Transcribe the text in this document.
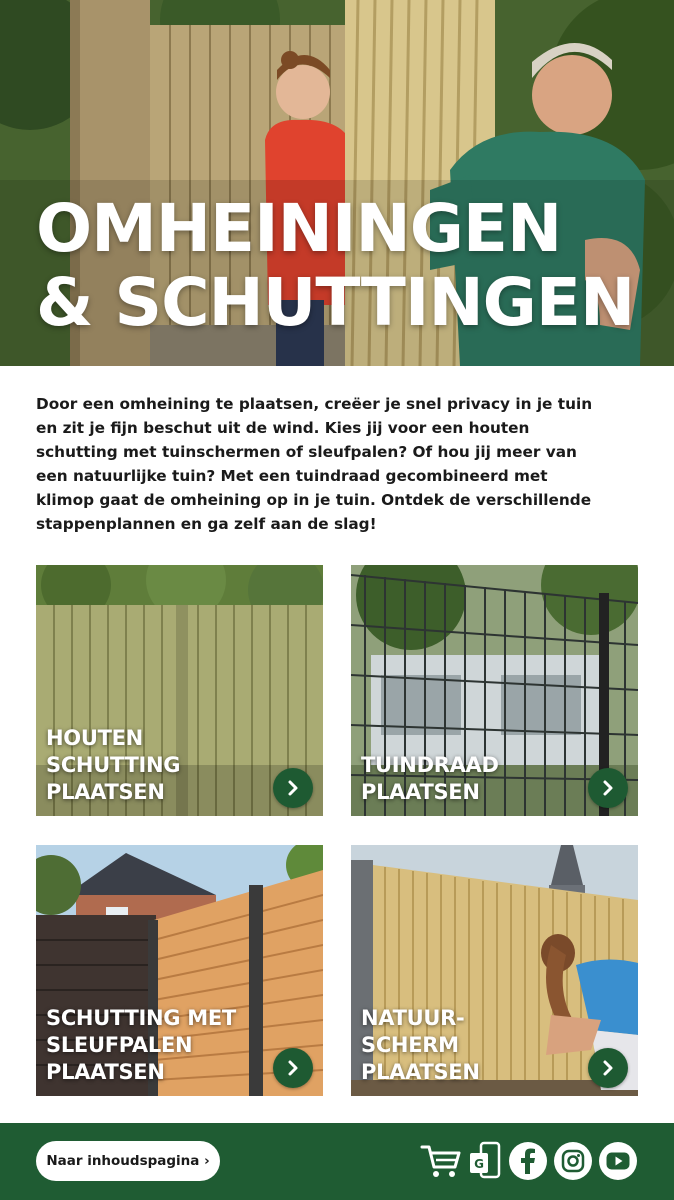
OMHEININGEN
& SCHUTTINGEN

Door een omheining te plaatsen, creëer je snel privacy in je tuin en zit je fijn beschut uit de wind. Kies jij voor een houten schutting met tuinschermen of sleufpalen? Of hou jij meer van een natuurlijke tuin? Met een tuindraad gecombineerd met klimop gaat de omheining op in je tuin. Ontdek de verschillende stappenplannen en ga zelf aan de slag!

HOUTEN
SCHUTTING
PLAATSEN
TUINDRAAD
PLAATSEN
SCHUTTING MET
SLEUFPALEN
PLAATSEN
NATUUR-
SCHERM
PLAATSEN
Naar inhoudspagina ›	G
